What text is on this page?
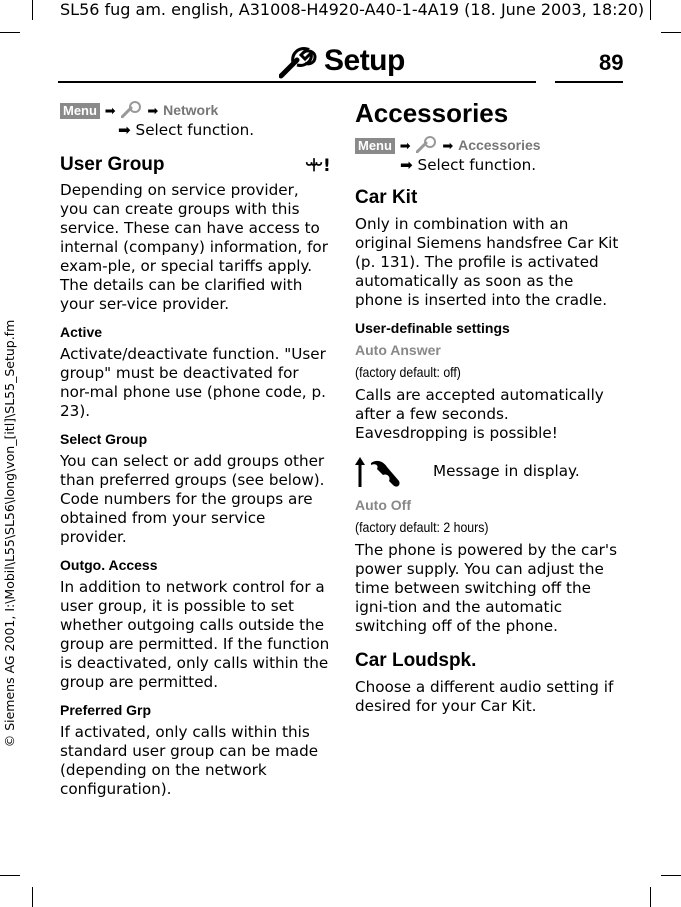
SL56 fug am. english, A31008-H4920-A40-1-4A19 (18. June 2003, 18:20)
© Siemens AG 2001, I:\Mobil\L55\SL56\long\von_[itl]\SL55_Setup.fm
Setup	89
Menu ➡ ➡ Network
➡ Select function.
User Group	ꗻ!

Depending on service provider, you can create groups with this service. These can have access to internal (company) information, for exam-ple, or special tariffs apply. The details can be clarified with your ser-vice provider.

Active

Activate/deactivate function. "User group" must be deactivated for nor-mal phone use (phone code, p. 23).

Select Group

You can select or add groups other than preferred groups (see below). Code numbers for the groups are obtained from your service provider.

Outgo. Access

In addition to network control for a user group, it is possible to set whether outgoing calls outside the group are permitted. If the function is deactivated, only calls within the group are permitted.

Preferred Grp

If activated, only calls within this standard user group can be made (depending on the network configuration).

Accessories
Menu ➡ ➡ Accessories
➡ Select function.
Car Kit

Only in combination with an original Siemens handsfree Car Kit (p. 131). The profile is activated automatically as soon as the phone is inserted into the cradle.

User-definable settings
Auto Answer
(factory default: off)

Calls are accepted automatically after a few seconds. Eavesdropping is possible!

Message in display.
Auto Off
(factory default: 2 hours)

The phone is powered by the car's power supply. You can adjust the time between switching off the igni-tion and the automatic switching off of the phone.

Car Loudspk.

Choose a different audio setting if desired for your Car Kit.
